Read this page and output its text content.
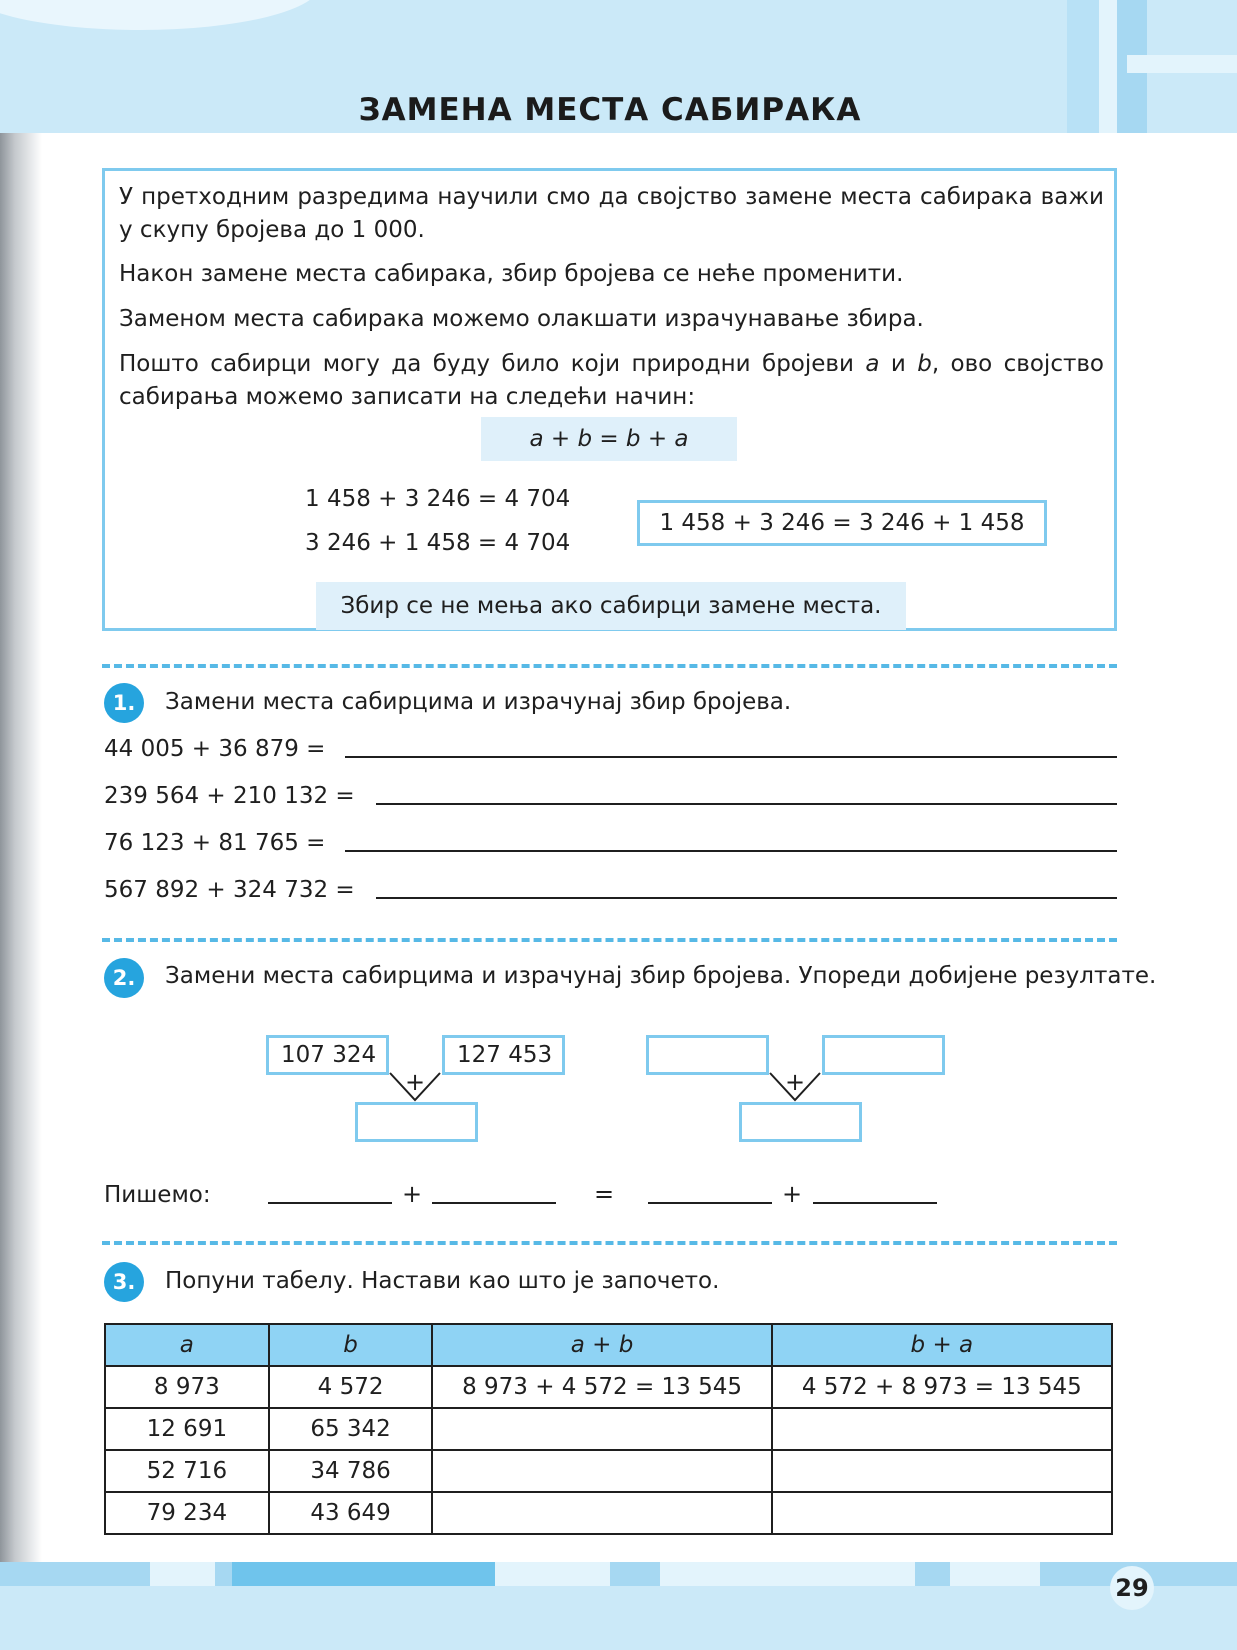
29
ЗАМЕНА МЕСТА САБИРАКА

У претходним разредима научили смо да својство замене места сабирака важи у скупу бројева до 1 000.

Након замене места сабирака, збир бројева се неће променити.

Заменом места сабирака можемо олакшати израчунавање збира.

Пошто сабирци могу да буду било који природни бројеви a и b, ово својство сабирања можемо записати на следећи начин:

a + b = b + a
1 458 + 3 246 = 4 704
3 246 + 1 458 = 4 704
1 458 + 3 246 = 3 246 + 1 458
Збир се не мења ако сабирци замене места.
1.	Замени места сабирцима и израчунај збир бројева.
44 005 + 36 879 =
239 564 + 210 132 =
76 123 + 81 765 =
567 892 + 324 732 =
2.	Замени места сабирцима и израчунај збир бројева. Упореди добијене резултате.
107 324	127 453
+	+
Пишемо:	+	=	+
3.	Попуни табелу. Настави као што је започето.
a	b	a + b	b + a
8 973	4 572	8 973 + 4 572 = 13 545	4 572 + 8 973 = 13 545
12 691	65 342		
52 716	34 786		
79 234	43 649		
